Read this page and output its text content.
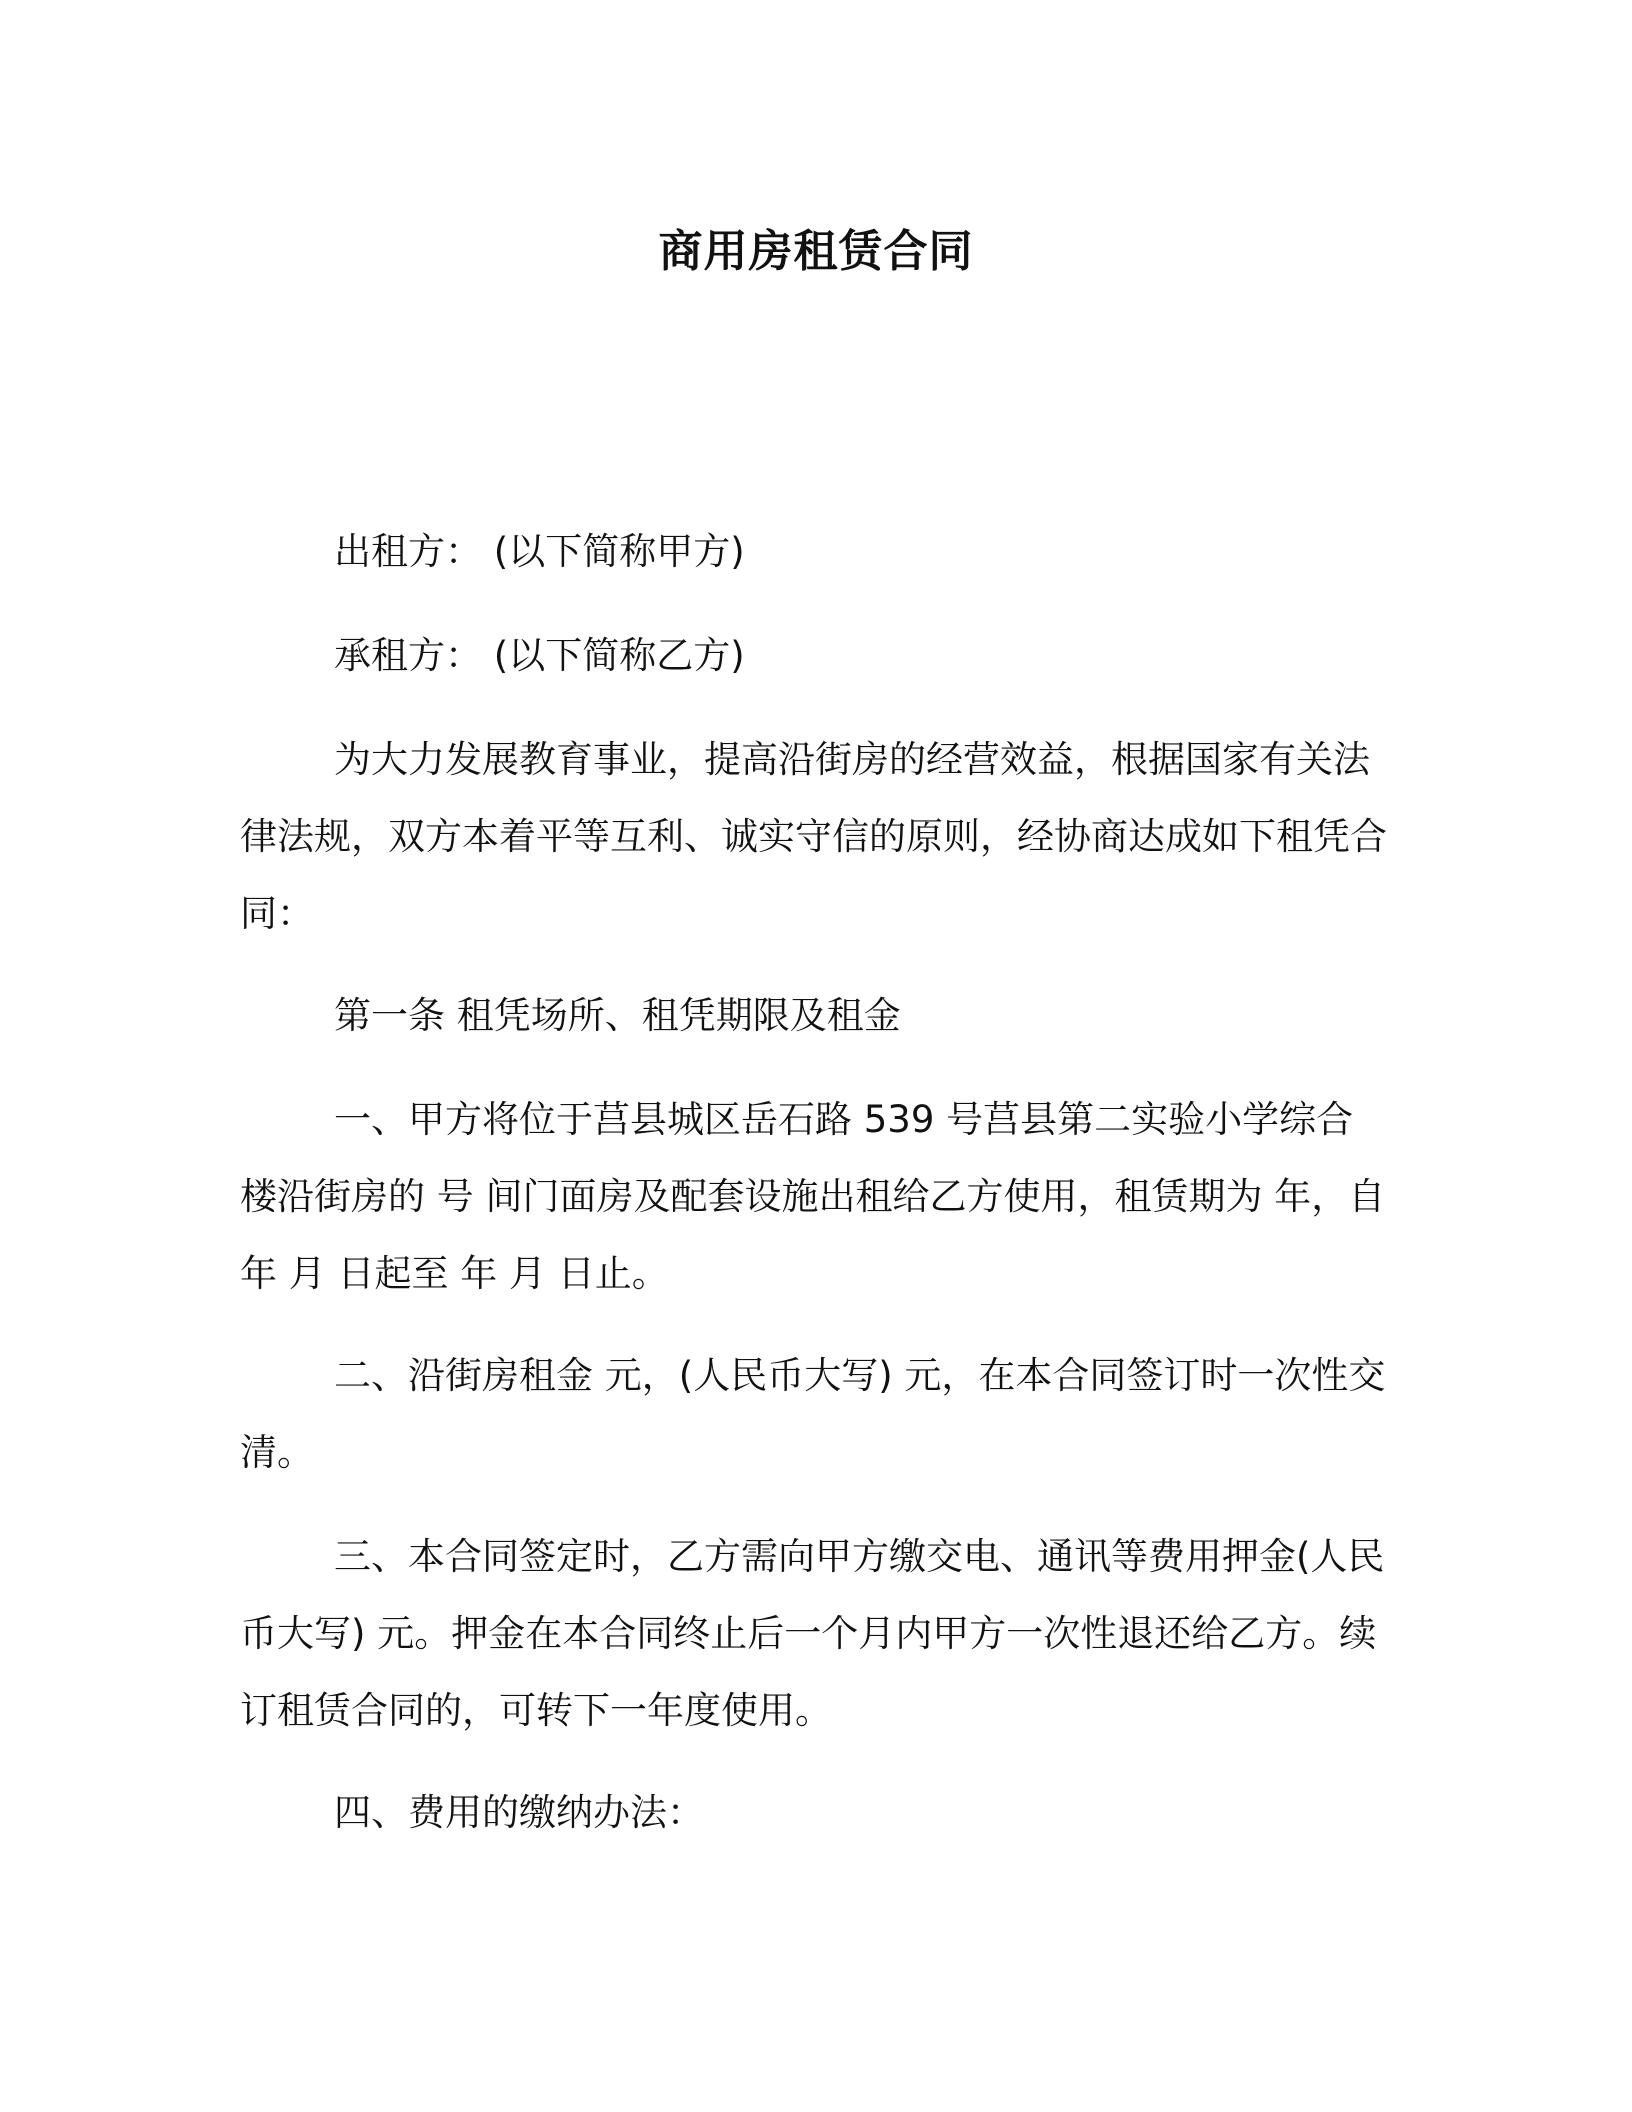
商用房租赁合同

出租方： (以下简称甲方)

承租方： (以下简称乙方)

为大力发展教育事业，提高沿街房的经营效益，根据国家有关法律法规，双方本着平等互利、诚实守信的原则，经协商达成如下租凭合同：

第一条 租凭场所、租凭期限及租金

一、甲方将位于莒县城区岳石路 539 号莒县第二实验小学综合楼沿街房的 号 间门面房及配套设施出租给乙方使用，租赁期为 年，自 年 月 日起至 年 月 日止。

二、沿街房租金 元，(人民币大写) 元，在本合同签订时一次性交清。

三、本合同签定时，乙方需向甲方缴交电、通讯等费用押金(人民币大写) 元。押金在本合同终止后一个月内甲方一次性退还给乙方。续订租赁合同的，可转下一年度使用。

四、费用的缴纳办法：
